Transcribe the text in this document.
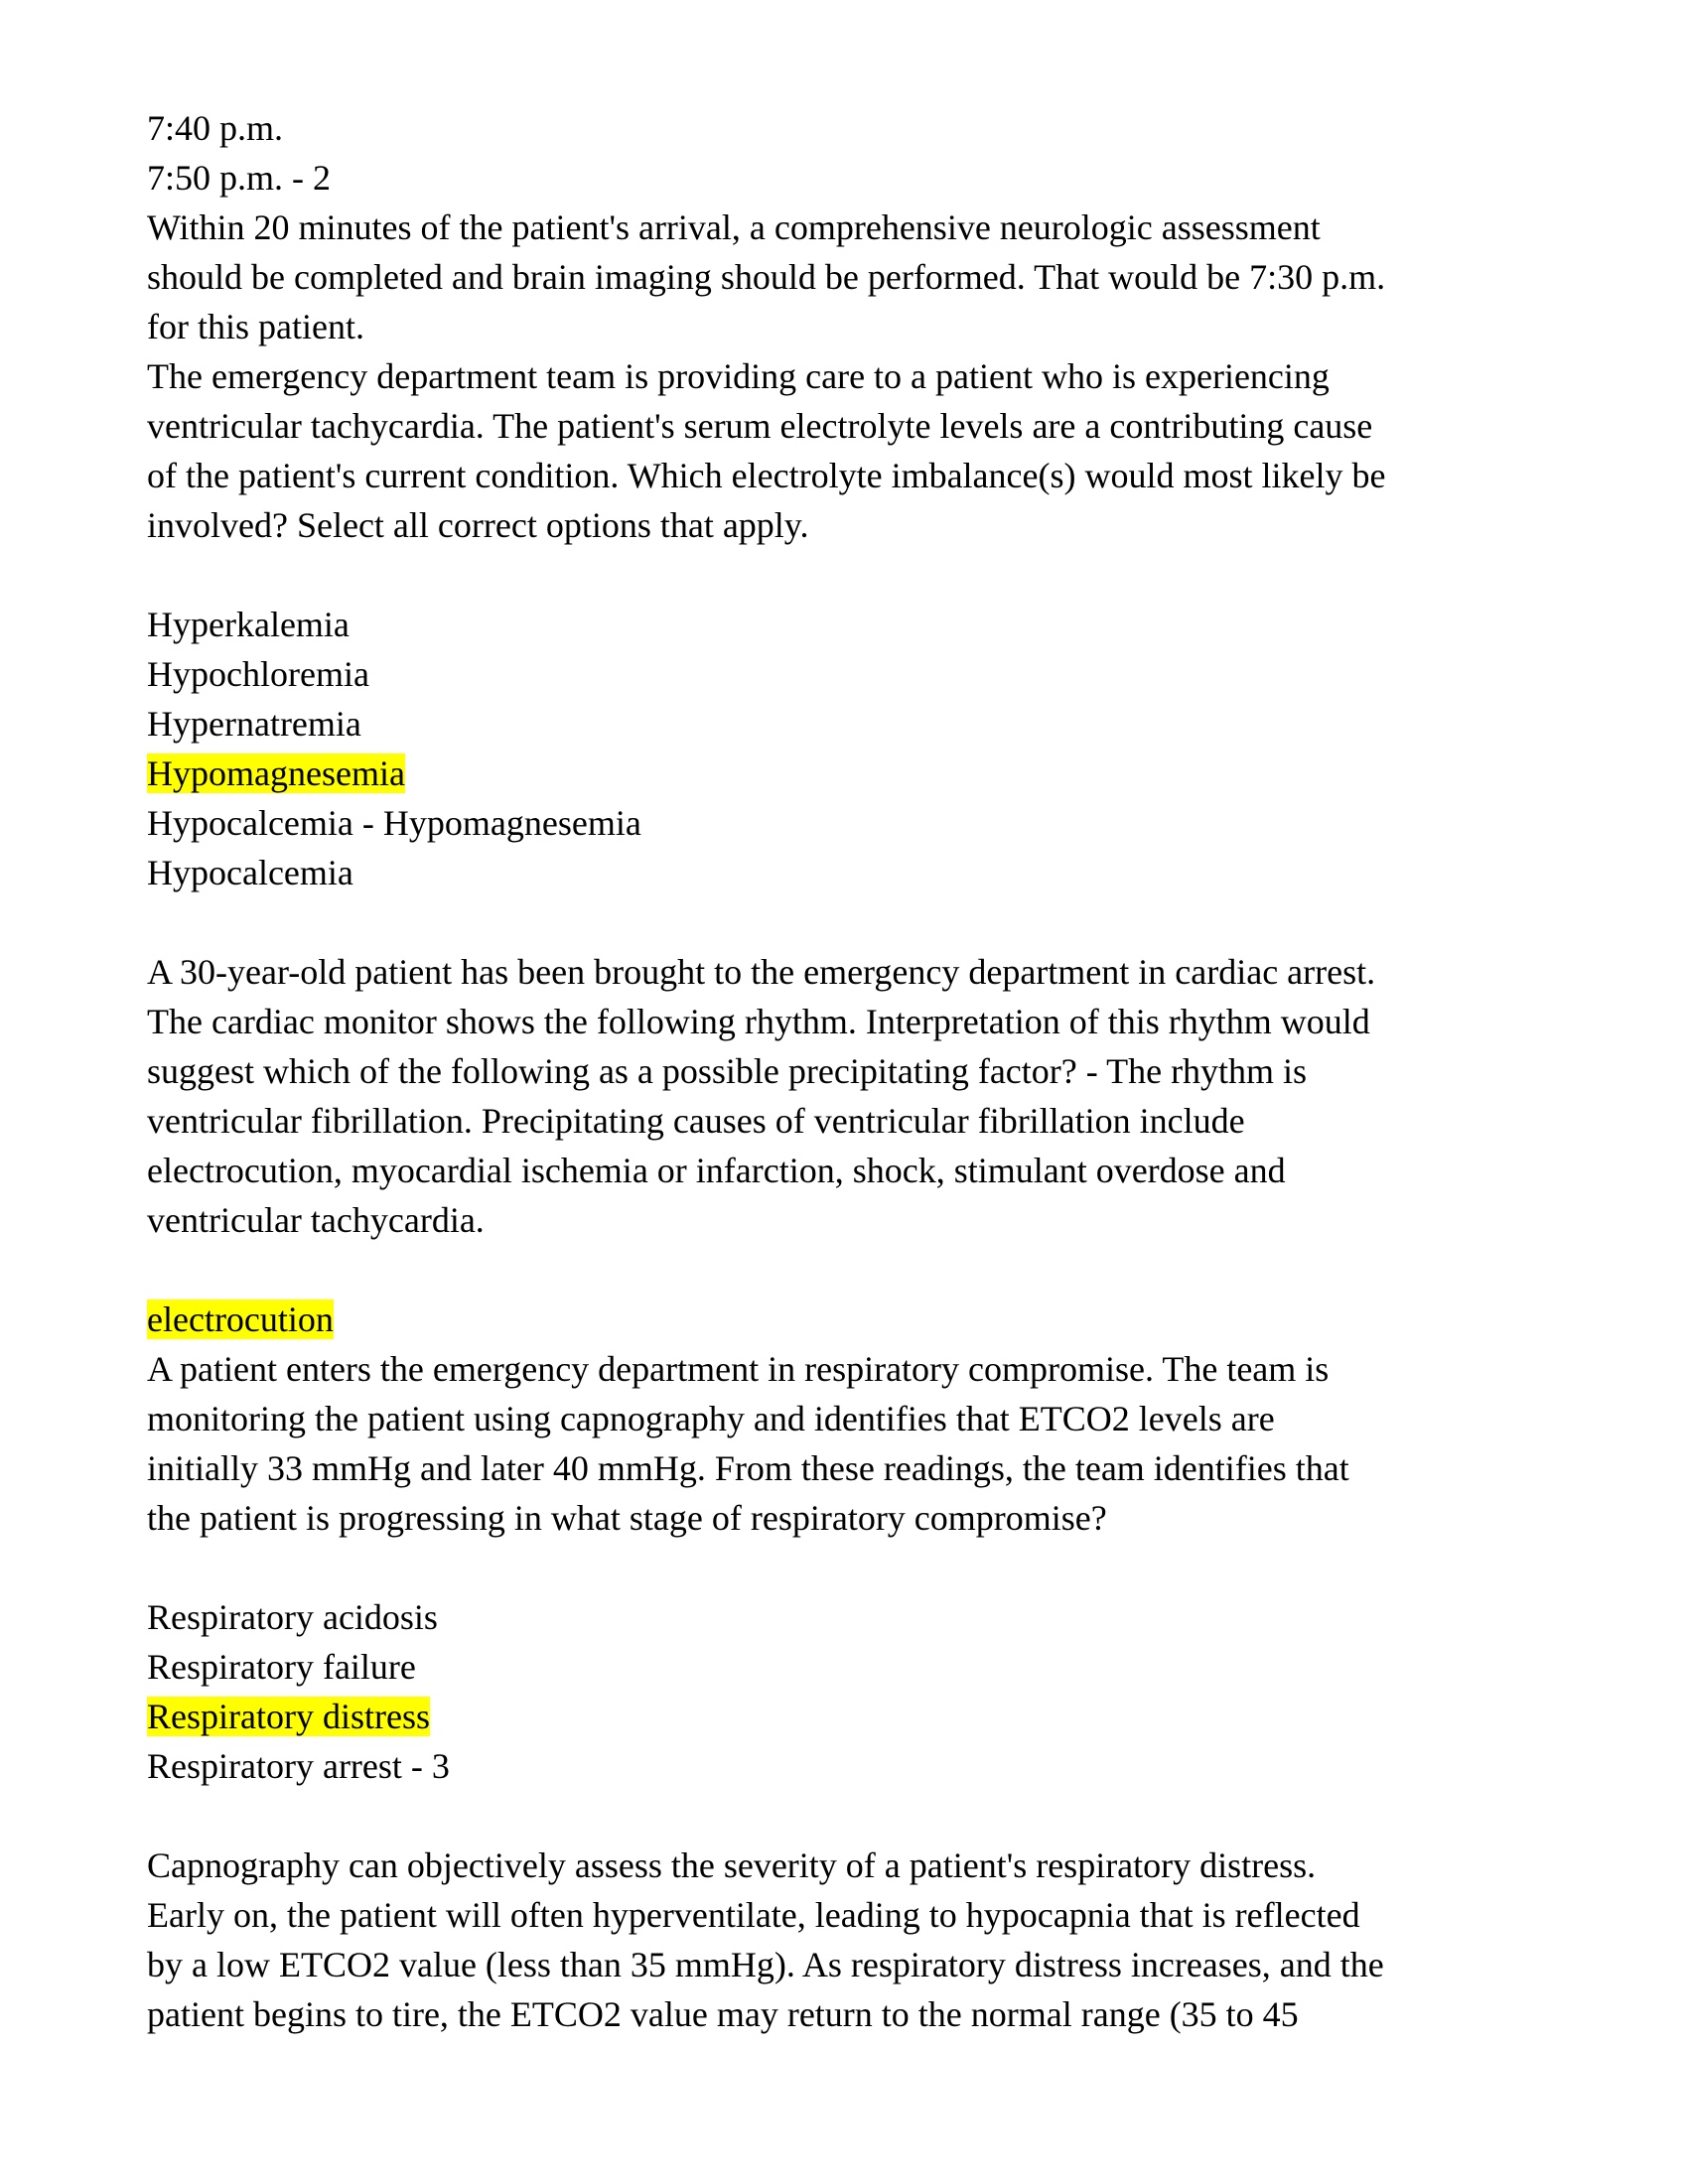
7:40 p.m.
7:50 p.m. - 2
Within 20 minutes of the patient's arrival, a comprehensive neurologic assessment
should be completed and brain imaging should be performed. That would be 7:30 p.m.
for this patient.
The emergency department team is providing care to a patient who is experiencing
ventricular tachycardia. The patient's serum electrolyte levels are a contributing cause
of the patient's current condition. Which electrolyte imbalance(s) would most likely be
involved? Select all correct options that apply.
Hyperkalemia
Hypochloremia
Hypernatremia
Hypomagnesemia
Hypocalcemia - Hypomagnesemia
Hypocalcemia
A 30-year-old patient has been brought to the emergency department in cardiac arrest.
The cardiac monitor shows the following rhythm. Interpretation of this rhythm would
suggest which of the following as a possible precipitating factor? - The rhythm is
ventricular fibrillation. Precipitating causes of ventricular fibrillation include
electrocution, myocardial ischemia or infarction, shock, stimulant overdose and
ventricular tachycardia.
electrocution
A patient enters the emergency department in respiratory compromise. The team is
monitoring the patient using capnography and identifies that ETCO2 levels are
initially 33 mmHg and later 40 mmHg. From these readings, the team identifies that
the patient is progressing in what stage of respiratory compromise?
Respiratory acidosis
Respiratory failure
Respiratory distress
Respiratory arrest - 3
Capnography can objectively assess the severity of a patient's respiratory distress.
Early on, the patient will often hyperventilate, leading to hypocapnia that is reflected
by a low ETCO2 value (less than 35 mmHg). As respiratory distress increases, and the
patient begins to tire, the ETCO2 value may return to the normal range (35 to 45
